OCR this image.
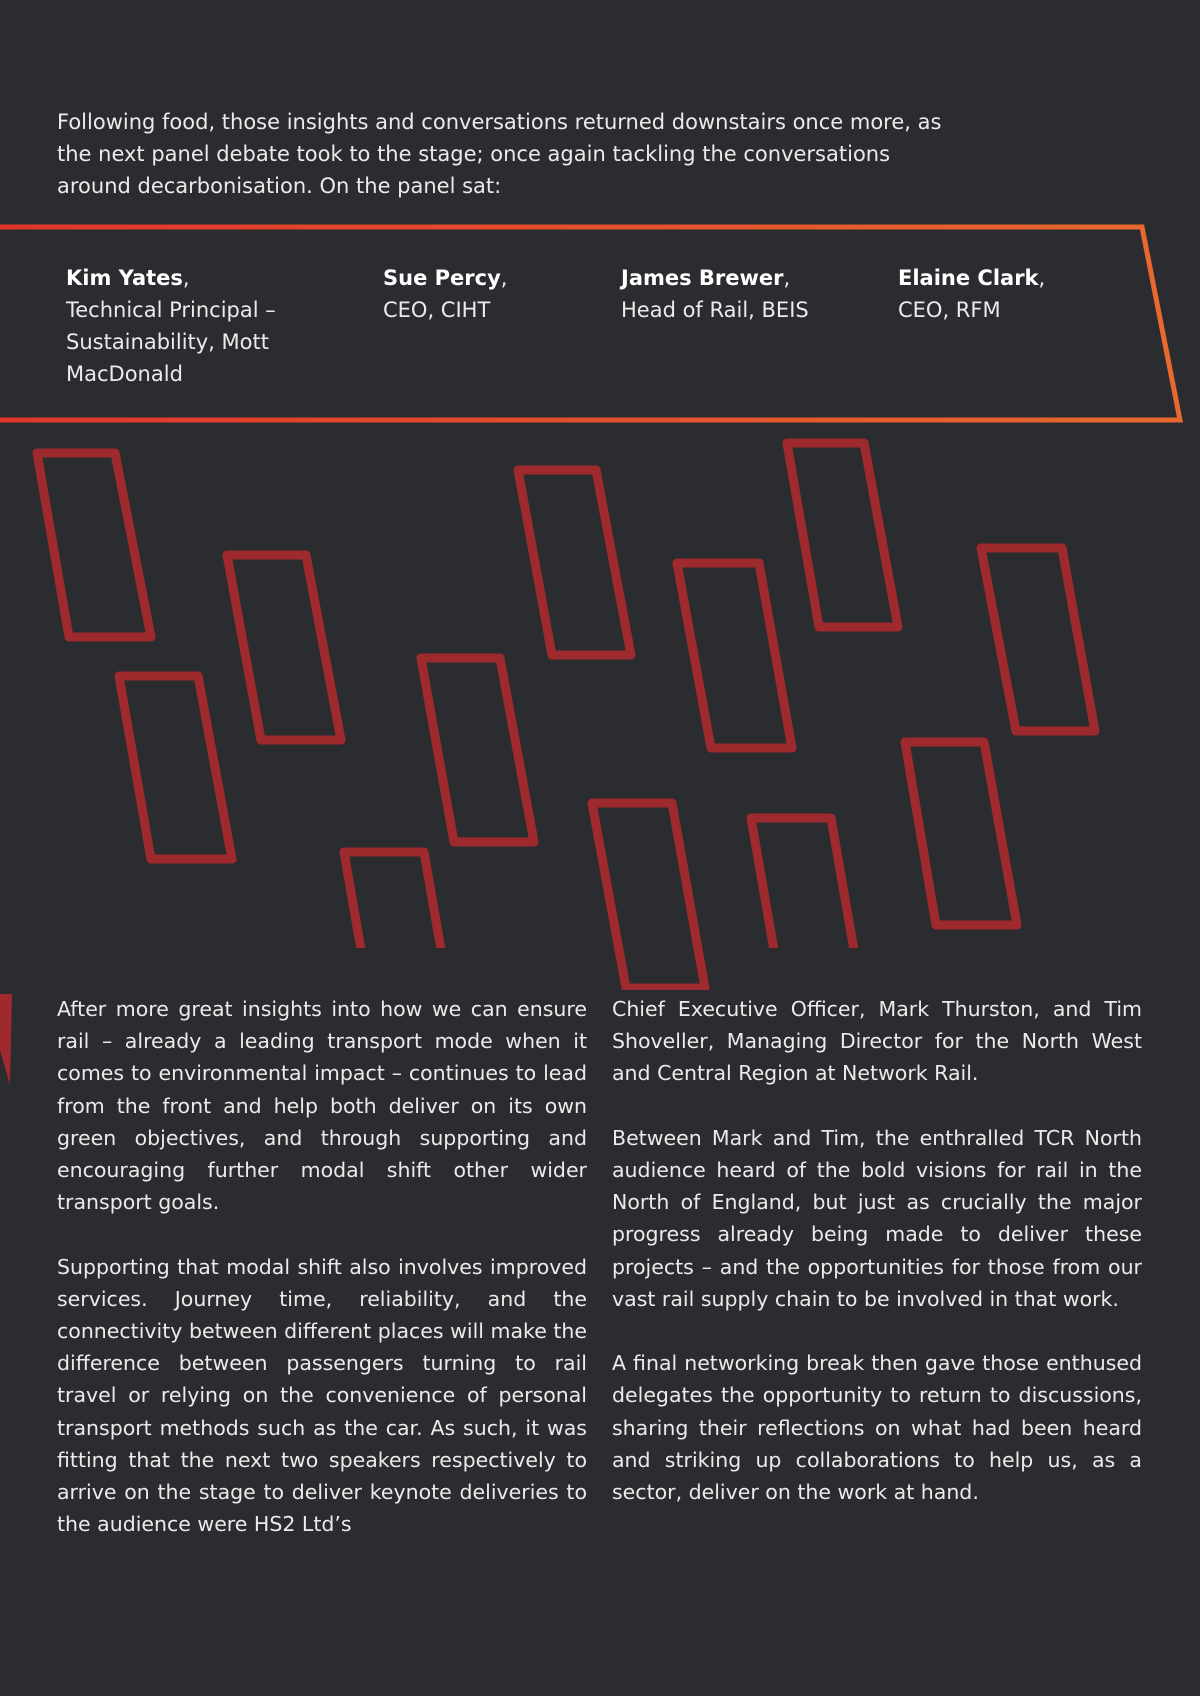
Following food, those insights and conversations returned downstairs once more, as the next panel debate took to the stage; once again tackling the conversations around decarbonisation. On the panel sat:

Kim Yates,
Technical Principal – Sustainability, Mott MacDonald
Sue Percy,
CEO, CIHT
James Brewer,
Head of Rail, BEIS
Elaine Clark,
CEO, RFM

After more great insights into how we can ensure rail – already a leading transport mode when it comes to environmental impact – continues to lead from the front and help both deliver on its own green objectives, and through supporting and encouraging further modal shift other wider transport goals.

Supporting that modal shift also involves improved services. Journey time, reliability, and the connectivity between different places will make the difference between passengers turning to rail travel or relying on the convenience of personal transport methods such as the car. As such, it was fitting that the next two speakers respectively to arrive on the stage to deliver keynote deliveries to the audience were HS2 Ltd’s

Chief Executive Officer, Mark Thurston, and Tim Shoveller, Managing Director for the North West and Central Region at Network Rail.

Between Mark and Tim, the enthralled TCR North audience heard of the bold visions for rail in the North of England, but just as crucially the major progress already being made to deliver these projects – and the opportunities for those from our vast rail supply chain to be involved in that work.

A final networking break then gave those enthused delegates the opportunity to return to discussions, sharing their reflections on what had been heard and striking up collaborations to help us, as a sector, deliver on the work at hand.
